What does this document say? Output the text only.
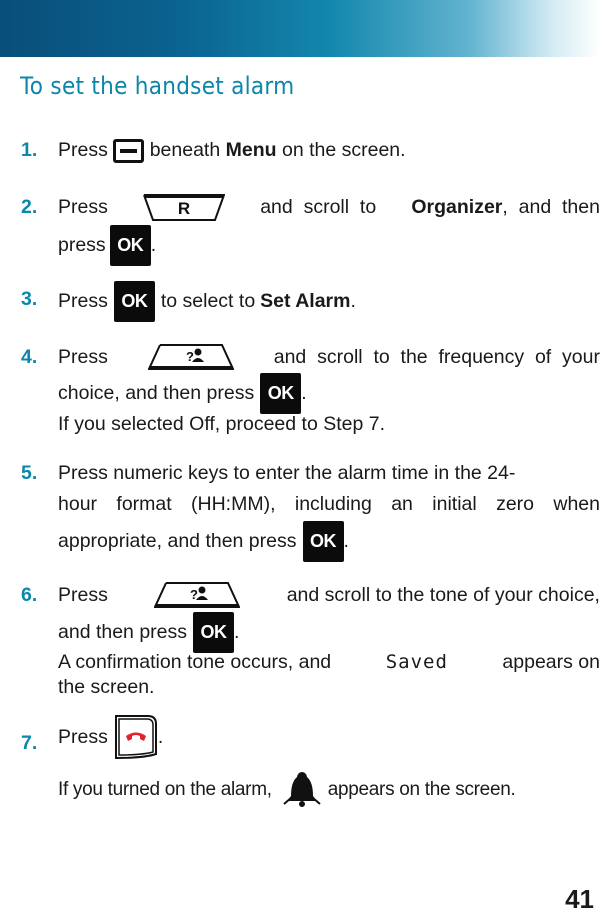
To set the handset alarm
1. Press beneath Menu on the screen.
2. Press	R	and  scroll  to Organizer,  and  then
press OK .
3. Press OK to select to Set Alarm .
4. Press	?	and  scroll  to  the  frequency  of  your
choice, and then press OK .
If you selected Off, proceed to Step 7.
5. Press numeric keys to enter the alarm time in the 24-
hour format (HH:MM), including an initial zero when
appropriate, and then press OK .
6. Press	?	and scroll to the tone of your choice,
and then press OK .
A confirmation tone occurs, and	Saved	appears on
the screen.
7. Press	.
If you turned on the alarm,	appears on the screen.
41
